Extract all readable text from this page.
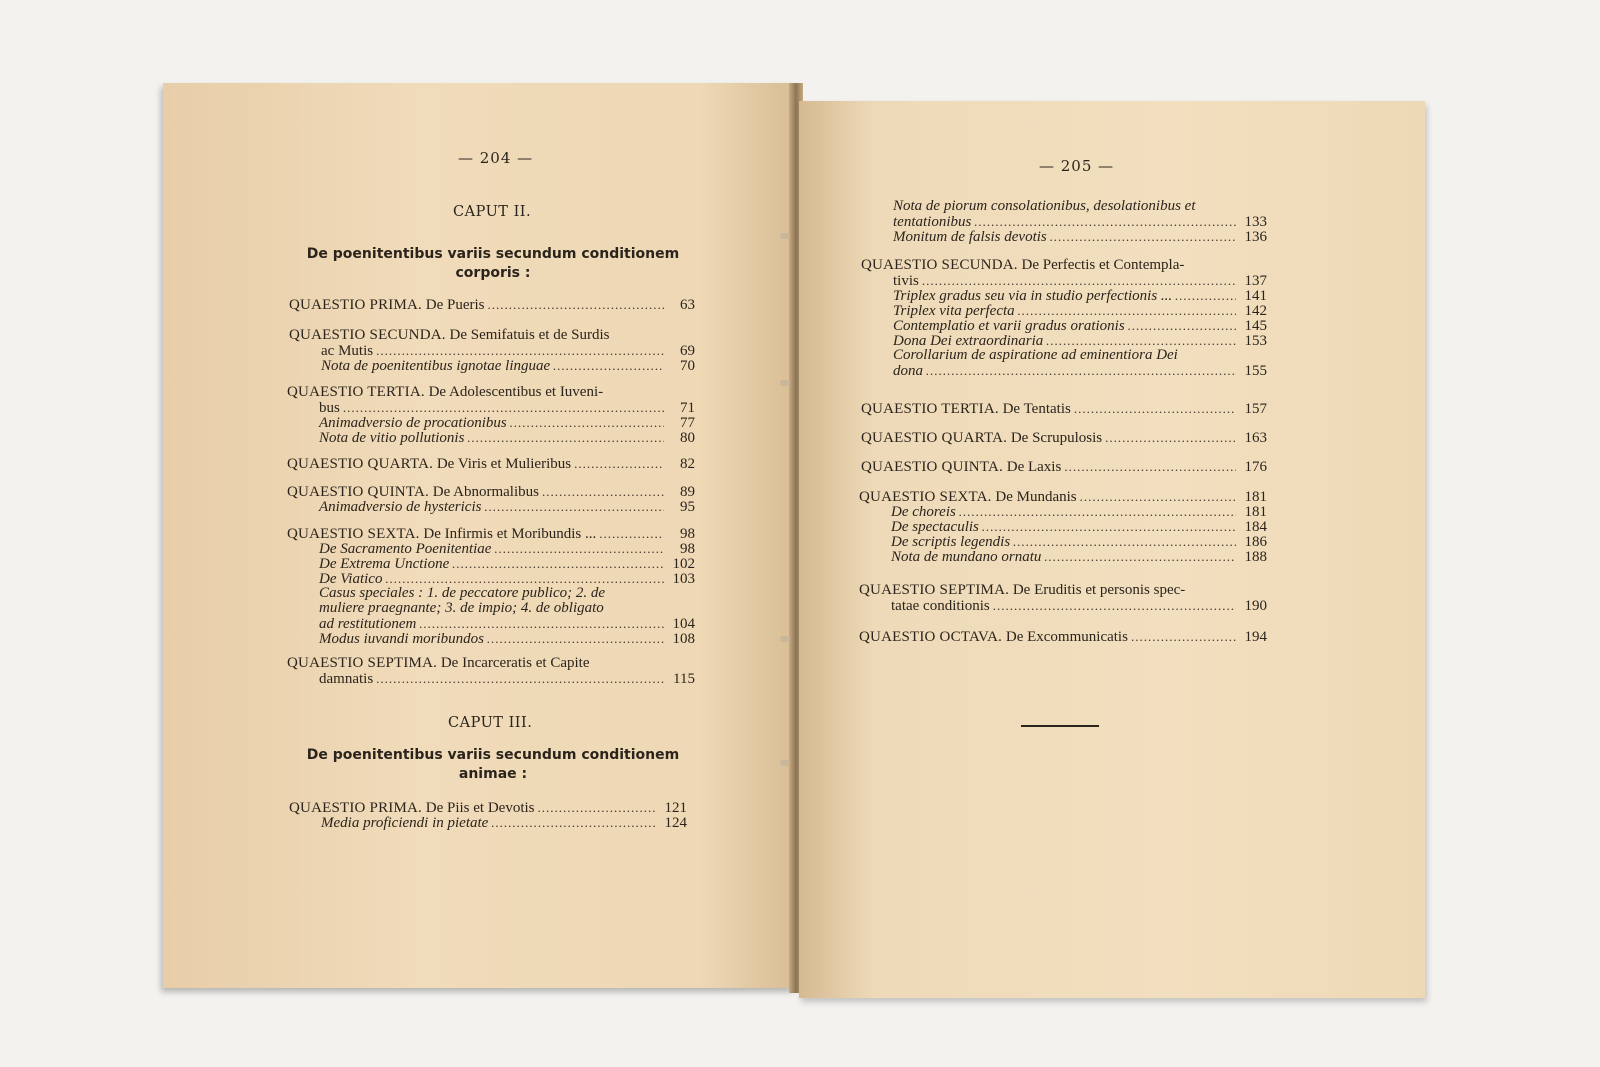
— 204 —
CAPUT II.
De poenitentibus variis secundum conditionem
corporis :
QUAESTIO PRIMA. De Pueris .....	63
QUAESTIO SECUNDA. De Semifatuis et de Surdis
ac Mutis .....	69
Nota de poenitentibus ignotae linguae .....	70
QUAESTIO TERTIA. De Adolescentibus et Iuveni-
bus .....	71
Animadversio de procationibus .....	77
Nota de vitio pollutionis .....	80
QUAESTIO QUARTA. De Viris et Mulieribus .....	82
QUAESTIO QUINTA. De Abnormalibus .....	89
Animadversio de hystericis .....	95
QUAESTIO SEXTA. De Infirmis et Moribundis ... .....	98
De Sacramento Poenitentiae .....	98
De Extrema Unctione .....	102
De Viatico .....	103
Casus speciales : 1. de peccatore publico; 2. de
muliere praegnante; 3. de impio; 4. de obligato
ad restitutionem .....	104
Modus iuvandi moribundos .....	108
QUAESTIO SEPTIMA. De Incarceratis et Capite
damnatis .....	115
CAPUT III.
De poenitentibus variis secundum conditionem
animae :
QUAESTIO PRIMA. De Piis et Devotis .....	121
Media proficiendi in pietate .....	124
— 205 —
Nota de piorum consolationibus, desolationibus et
tentationibus .....	133
Monitum de falsis devotis .....	136
QUAESTIO SECUNDA. De Perfectis et Contempla-
tivis .....	137
Triplex gradus seu via in studio perfectionis ... .....	141
Triplex vita perfecta .....	142
Contemplatio et varii gradus orationis .....	145
Dona Dei extraordinaria .....	153
Corollarium de aspiratione ad eminentiora Dei
dona .....	155
QUAESTIO TERTIA. De Tentatis .....	157
QUAESTIO QUARTA. De Scrupulosis .....	163
QUAESTIO QUINTA. De Laxis .....	176
QUAESTIO SEXTA. De Mundanis .....	181
De choreis .....	181
De spectaculis .....	184
De scriptis legendis .....	186
Nota de mundano ornatu .....	188
QUAESTIO SEPTIMA. De Eruditis et personis spec-
tatae conditionis .....	190
QUAESTIO OCTAVA. De Excommunicatis .....	194
